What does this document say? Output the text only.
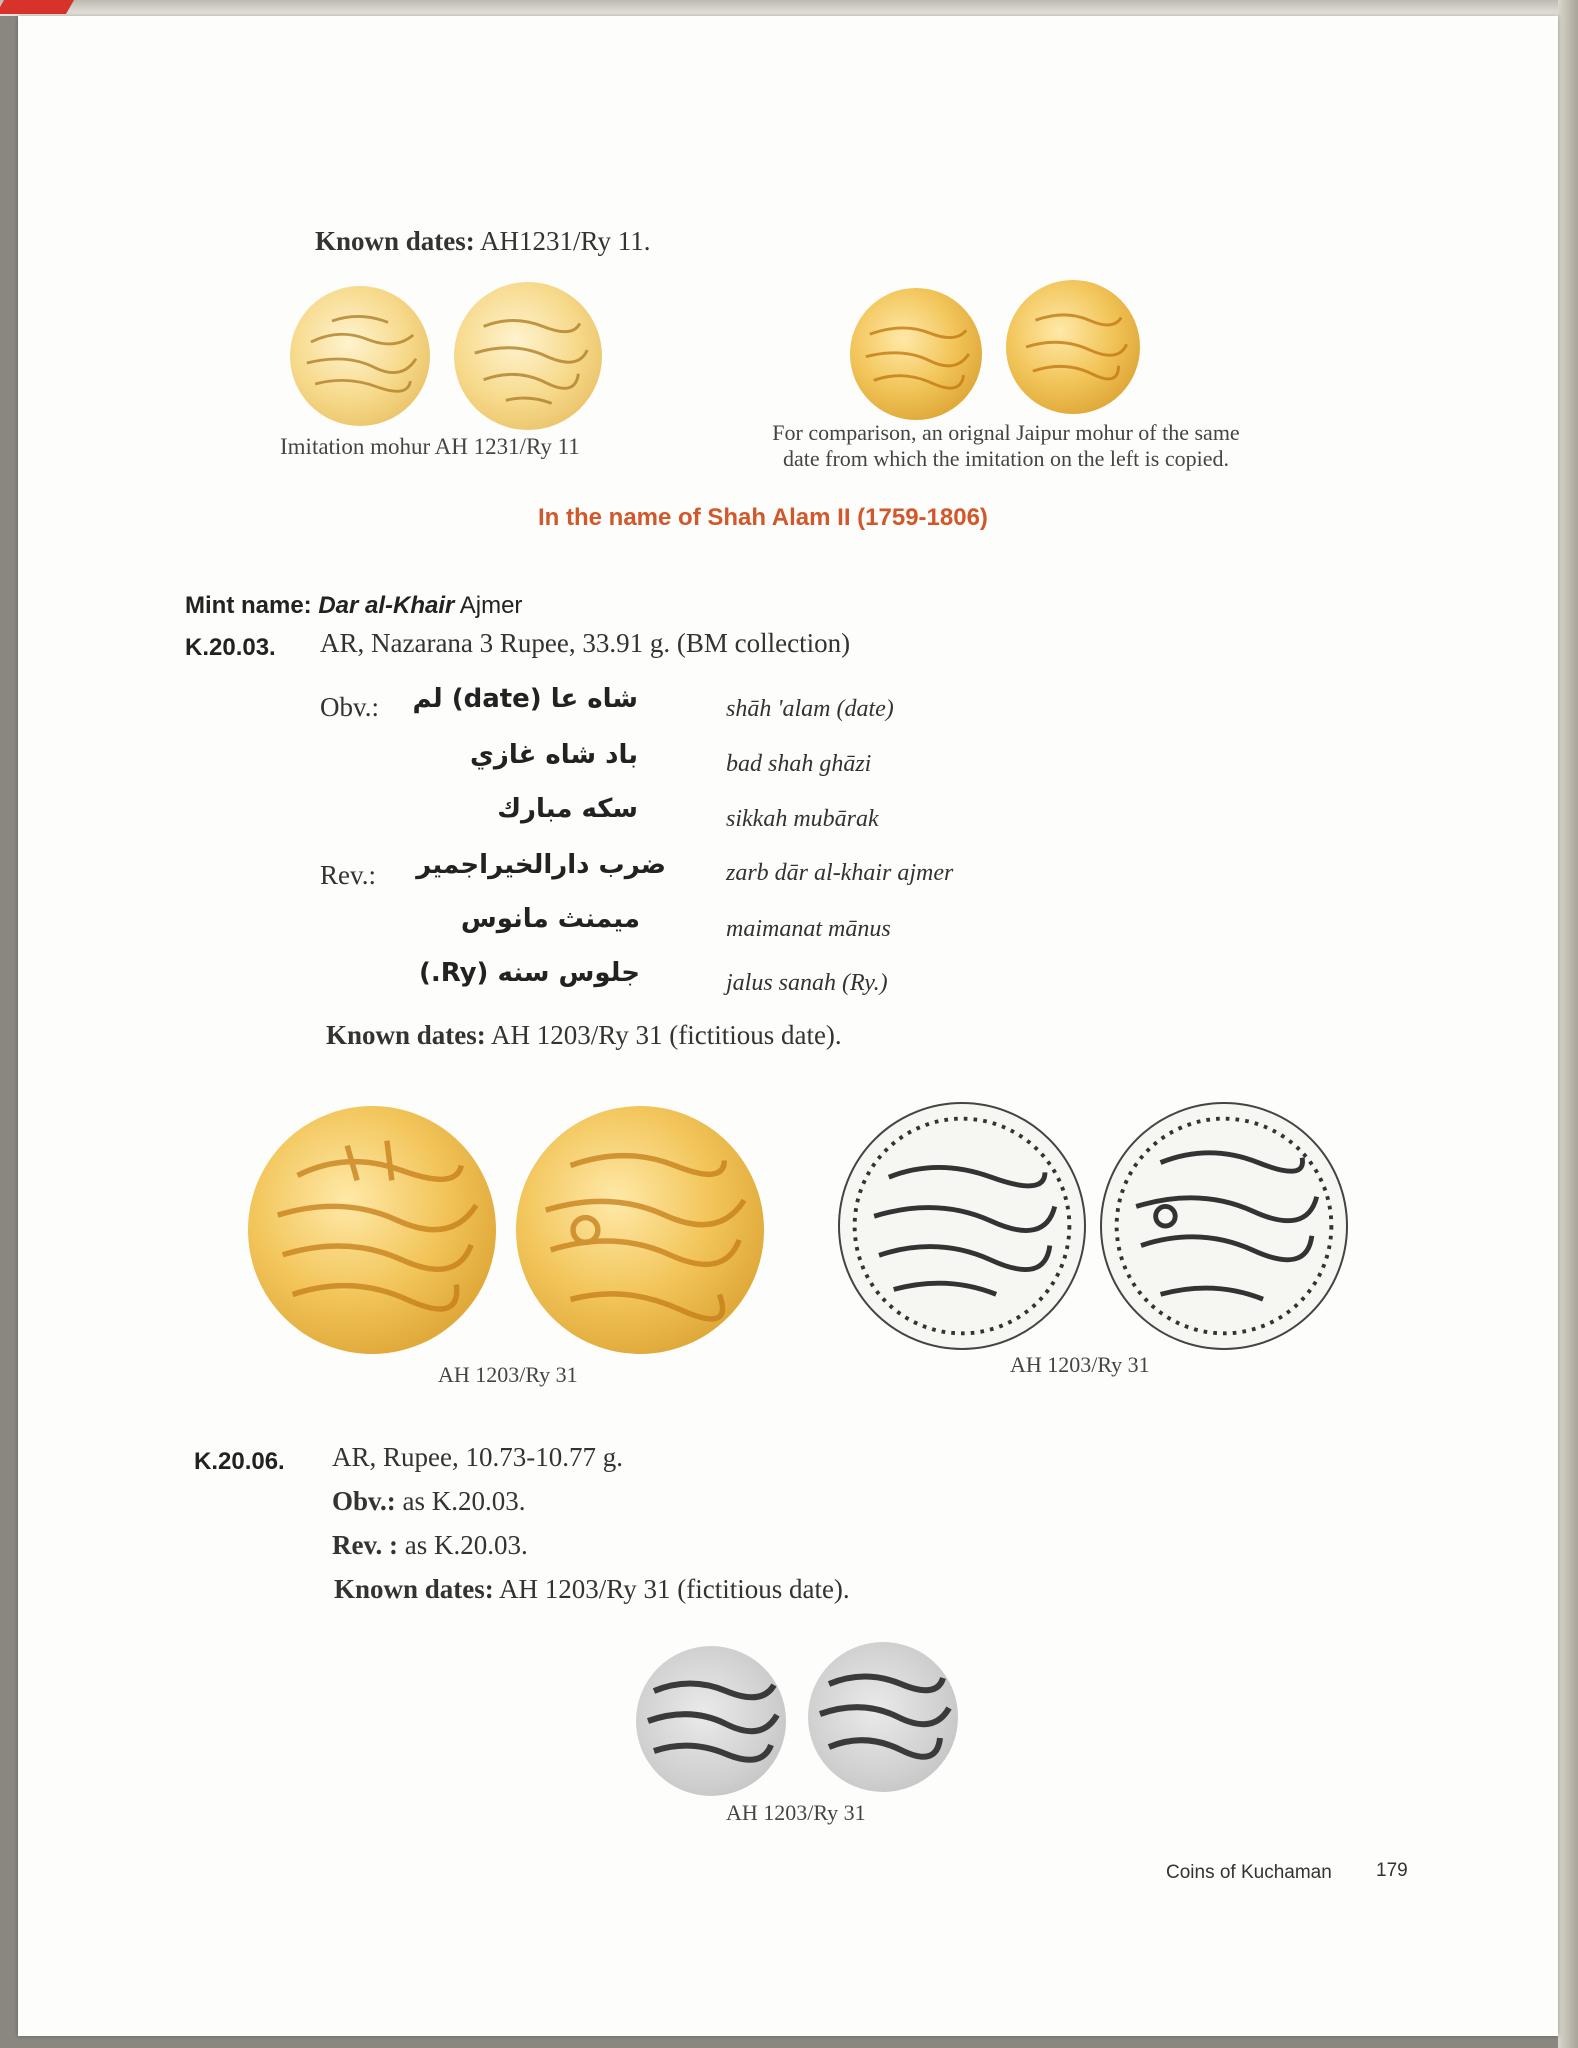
Known dates: AH1231/Ry 11.
Imitation mohur AH 1231/Ry 11
For comparison, an orignal Jaipur mohur of the same
date from which the imitation on the left is copied.
In the name of Shah Alam II (1759-1806)
Mint name: Dar al-Khair Ajmer
K.20.03. AR, Nazarana 3 Rupee, 33.91 g. (BM collection)
Obv.:
Rev.:
شاه عا (date) لم
باد شاه غازي
سكه مبارك
ضرب دارالخيراجمير
ميمنث مانوس
جلوس سنه (Ry.)
shāh 'alam (date)
bad shah ghāzi
sikkah mubārak
zarb dār al-khair ajmer
maimanat mānus
jalus sanah (Ry.)
Known dates: AH 1203/Ry 31 (fictitious date).
AH 1203/Ry 31	AH 1203/Ry 31
K.20.06. AR, Rupee, 10.73-10.77 g.
Obv.: as K.20.03.
Rev. : as K.20.03.
Known dates: AH 1203/Ry 31 (fictitious date).
AH 1203/Ry 31
Coins of Kuchaman 179
